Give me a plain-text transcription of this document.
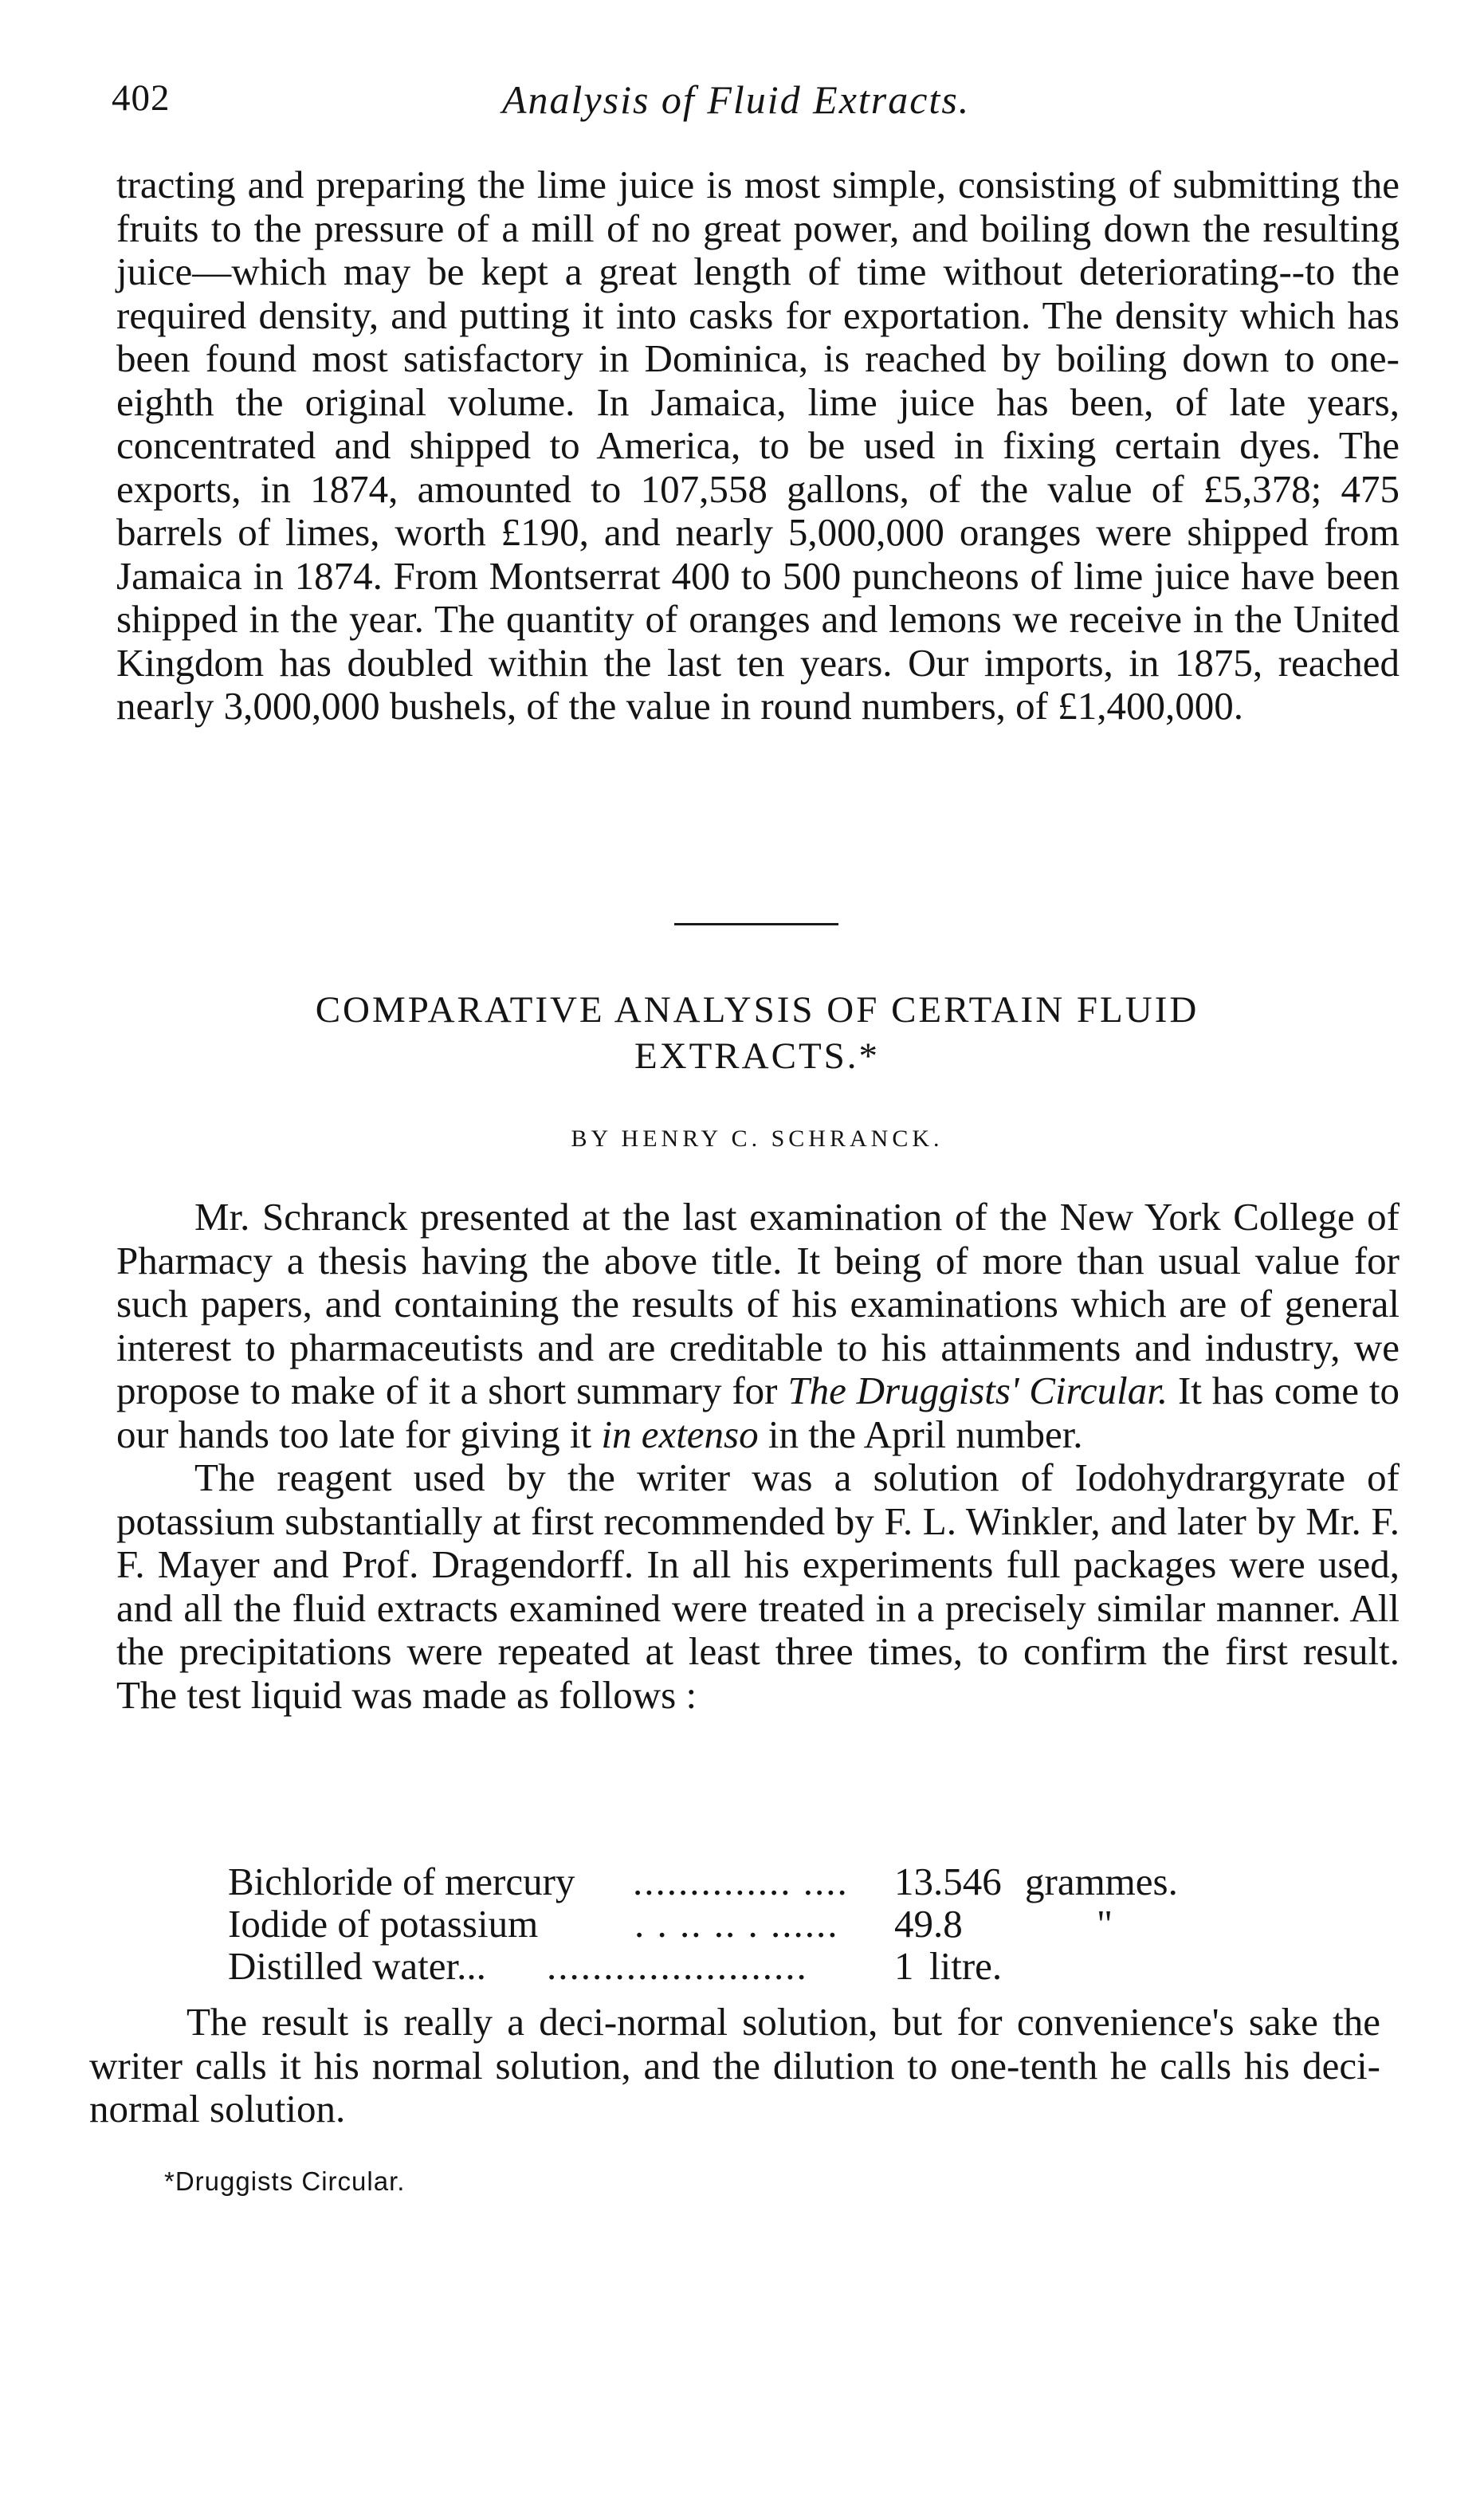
402	Analysis of Fluid Extracts.

tracting and preparing the lime juice is most simple, consisting of submitting the fruits to the pressure of a mill of no great power, and boiling down the resulting juice—which may be kept a great length of time without deteriorating--to the required density, and putting it into casks for exportation. The density which has been found most satisfactory in Dominica, is reached by boiling down to one-eighth the original volume. In Jamaica, lime juice has been, of late years, concentrated and shipped to America, to be used in fixing certain dyes. The exports, in 1874, amounted to 107,558 gallons, of the value of £5,378; 475 barrels of limes, worth £190, and nearly 5,000,000 oranges were shipped from Jamaica in 1874. From Montserrat 400 to 500 puncheons of lime juice have been shipped in the year. The quantity of oranges and lemons we receive in the United Kingdom has doubled within the last ten years. Our imports, in 1875, reached nearly 3,000,000 bushels, of the value in round numbers, of £1,400,000.

COMPARATIVE ANALYSIS OF CERTAIN FLUID
EXTRACTS.*
BY HENRY C. SCHRANCK.

Mr. Schranck presented at the last examination of the New York College of Pharmacy a thesis having the above title. It being of more than usual value for such papers, and containing the results of his examinations which are of general interest to pharmaceutists and are creditable to his attainments and industry, we propose to make of it a short summary for The Druggists' Circular. It has come to our hands too late for giving it in extenso in the April number.

The reagent used by the writer was a solution of Iodohydrargyrate of potassium substantially at first recommended by F. L. Winkler, and later by Mr. F. F. Mayer and Prof. Dragendorff. In all his experiments full packages were used, and all the fluid extracts examined were treated in a precisely similar manner. All the precipitations were repeated at least three times, to confirm the first result. The test liquid was made as follows :

Bichloride of mercury .............. .... 13.546 grammes.
Iodide of potassium . . .. .. . ...... 49.8	"
Distilled water... ....................... 1 litre.

The result is really a deci-normal solution, but for convenience's sake the writer calls it his normal solution, and the dilution to one-tenth he calls his deci-normal solution.

*Druggists Circular.
